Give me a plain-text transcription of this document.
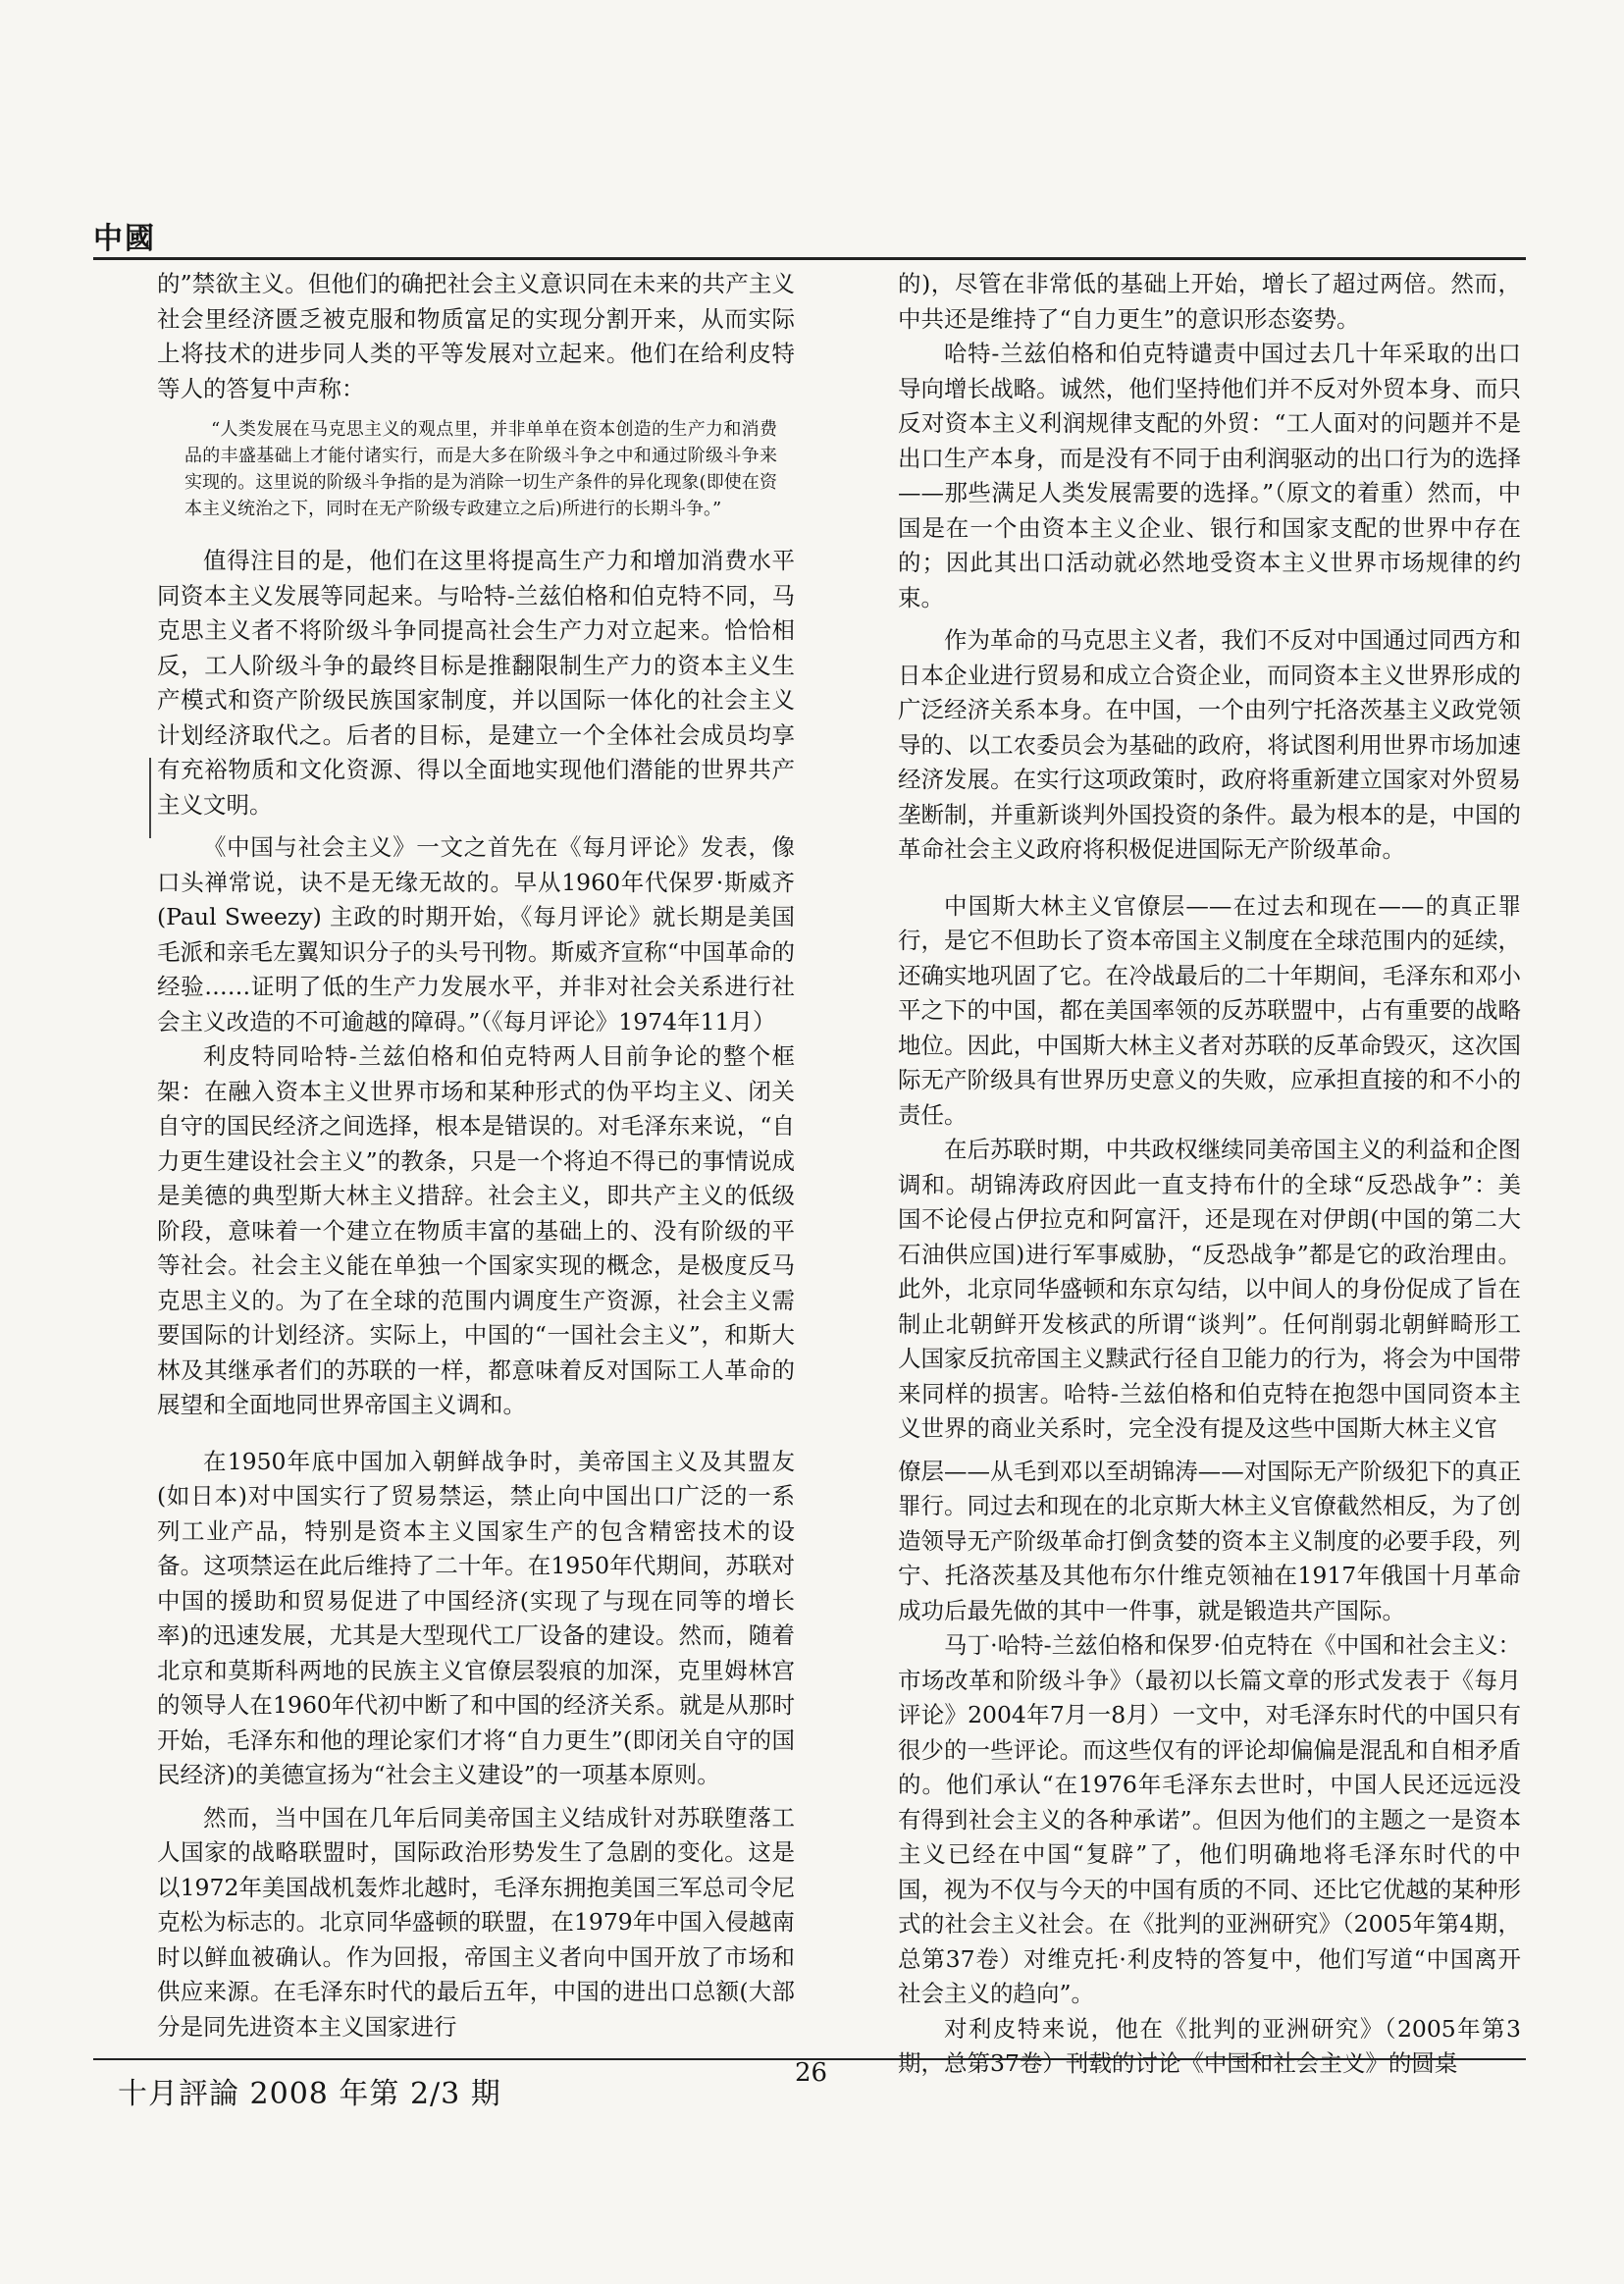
中國

的”禁欲主义。但他们的确把社会主义意识同在未来的共产主义社会里经济匮乏被克服和物质富足的实现分割开来，从而实际上将技术的进步同人类的平等发展对立起来。他们在给利皮特等人的答复中声称：

“人类发展在马克思主义的观点里，并非单单在资本创造的生产力和消费品的丰盛基础上才能付诸实行，而是大多在阶级斗争之中和通过阶级斗争来实现的。这里说的阶级斗争指的是为消除一切生产条件的异化现象(即使在资本主义统治之下，同时在无产阶级专政建立之后)所进行的长期斗争。”

值得注目的是，他们在这里将提高生产力和增加消费水平同资本主义发展等同起来。与哈特-兰兹伯格和伯克特不同，马克思主义者不将阶级斗争同提高社会生产力对立起来。恰恰相反，工人阶级斗争的最终目标是推翻限制生产力的资本主义生产模式和资产阶级民族国家制度，并以国际一体化的社会主义计划经济取代之。后者的目标，是建立一个全体社会成员均享有充裕物质和文化资源、得以全面地实现他们潜能的世界共产主义文明。

《中国与社会主义》一文之首先在《每月评论》发表，像口头禅常说，诀不是无缘无故的。早从1960年代保罗·斯威齐 (Paul Sweezy) 主政的时期开始，《每月评论》就长期是美国毛派和亲毛左翼知识分子的头号刊物。斯威齐宣称“中国革命的经验……证明了低的生产力发展水平，并非对社会关系进行社会主义改造的不可逾越的障碍。”（《每月评论》1974年11月）

利皮特同哈特-兰兹伯格和伯克特两人目前争论的整个框架：在融入资本主义世界市场和某种形式的伪平均主义、闭关自守的国民经济之间选择，根本是错误的。对毛泽东来说，“自力更生建设社会主义”的教条，只是一个将迫不得已的事情说成是美德的典型斯大林主义措辞。社会主义，即共产主义的低级阶段，意味着一个建立在物质丰富的基础上的、没有阶级的平等社会。社会主义能在单独一个国家实现的概念，是极度反马克思主义的。为了在全球的范围内调度生产资源，社会主义需要国际的计划经济。实际上，中国的“一国社会主义”，和斯大林及其继承者们的苏联的一样，都意味着反对国际工人革命的展望和全面地同世界帝国主义调和。

在1950年底中国加入朝鲜战争时，美帝国主义及其盟友(如日本)对中国实行了贸易禁运，禁止向中国出口广泛的一系列工业产品，特别是资本主义国家生产的包含精密技术的设备。这项禁运在此后维持了二十年。在1950年代期间，苏联对中国的援助和贸易促进了中国经济(实现了与现在同等的增长率)的迅速发展，尤其是大型现代工厂设备的建设。然而，随着北京和莫斯科两地的民族主义官僚层裂痕的加深，克里姆林宫的领导人在1960年代初中断了和中国的经济关系。就是从那时开始，毛泽东和他的理论家们才将“自力更生”(即闭关自守的国民经济)的美德宣扬为“社会主义建设”的一项基本原则。

然而，当中国在几年后同美帝国主义结成针对苏联堕落工人国家的战略联盟时，国际政治形势发生了急剧的变化。这是以1972年美国战机轰炸北越时，毛泽东拥抱美国三军总司令尼克松为标志的。北京同华盛顿的联盟，在1979年中国入侵越南时以鲜血被确认。作为回报，帝国主义者向中国开放了市场和供应来源。在毛泽东时代的最后五年，中国的进出口总额(大部分是同先进资本主义国家进行

的)，尽管在非常低的基础上开始，增长了超过两倍。然而，中共还是维持了“自力更生”的意识形态姿势。

哈特-兰兹伯格和伯克特谴责中国过去几十年采取的出口导向增长战略。诚然，他们坚持他们并不反对外贸本身、而只反对资本主义利润规律支配的外贸：“工人面对的问题并不是出口生产本身，而是没有不同于由利润驱动的出口行为的选择——那些满足人类发展需要的选择。”（原文的着重）然而，中国是在一个由资本主义企业、银行和国家支配的世界中存在的；因此其出口活动就必然地受资本主义世界市场规律的约束。

作为革命的马克思主义者，我们不反对中国通过同西方和日本企业进行贸易和成立合资企业，而同资本主义世界形成的广泛经济关系本身。在中国，一个由列宁托洛茨基主义政党领导的、以工农委员会为基础的政府，将试图利用世界市场加速经济发展。在实行这项政策时，政府将重新建立国家对外贸易垄断制，并重新谈判外国投资的条件。最为根本的是，中国的革命社会主义政府将积极促进国际无产阶级革命。

中国斯大林主义官僚层——在过去和现在——的真正罪行，是它不但助长了资本帝国主义制度在全球范围内的延续，还确实地巩固了它。在冷战最后的二十年期间，毛泽东和邓小平之下的中国，都在美国率领的反苏联盟中，占有重要的战略地位。因此，中国斯大林主义者对苏联的反革命毁灭，这次国际无产阶级具有世界历史意义的失败，应承担直接的和不小的责任。

在后苏联时期，中共政权继续同美帝国主义的利益和企图调和。胡锦涛政府因此一直支持布什的全球“反恐战争”：美国不论侵占伊拉克和阿富汗，还是现在对伊朗(中国的第二大石油供应国)进行军事威胁，“反恐战争”都是它的政治理由。此外，北京同华盛顿和东京勾结，以中间人的身份促成了旨在制止北朝鲜开发核武的所谓“谈判”。任何削弱北朝鲜畸形工人国家反抗帝国主义黩武行径自卫能力的行为，将会为中国带来同样的损害。哈特-兰兹伯格和伯克特在抱怨中国同资本主义世界的商业关系时，完全没有提及这些中国斯大林主义官

僚层——从毛到邓以至胡锦涛——对国际无产阶级犯下的真正罪行。同过去和现在的北京斯大林主义官僚截然相反，为了创造领导无产阶级革命打倒贪婪的资本主义制度的必要手段，列宁、托洛茨基及其他布尔什维克领袖在1917年俄国十月革命成功后最先做的其中一件事，就是锻造共产国际。

马丁·哈特-兰兹伯格和保罗·伯克特在《中国和社会主义：市场改革和阶级斗争》（最初以长篇文章的形式发表于《每月评论》2004年7月一8月）一文中，对毛泽东时代的中国只有很少的一些评论。而这些仅有的评论却偏偏是混乱和自相矛盾的。他们承认“在1976年毛泽东去世时，中国人民还远远没有得到社会主义的各种承诺”。但因为他们的主题之一是资本主义已经在中国“复辟”了，他们明确地将毛泽东时代的中国，视为不仅与今天的中国有质的不同、还比它优越的某种形式的社会主义社会。在《批判的亚洲研究》（2005年第4期，总第37卷）对维克托·利皮特的答复中，他们写道“中国离开社会主义的趋向”。

对利皮特来说，他在《批判的亚洲研究》（2005年第3期，总第37卷）刊载的讨论《中国和社会主义》的圆桌

十月評論 2008 年第 2/3 期
26
